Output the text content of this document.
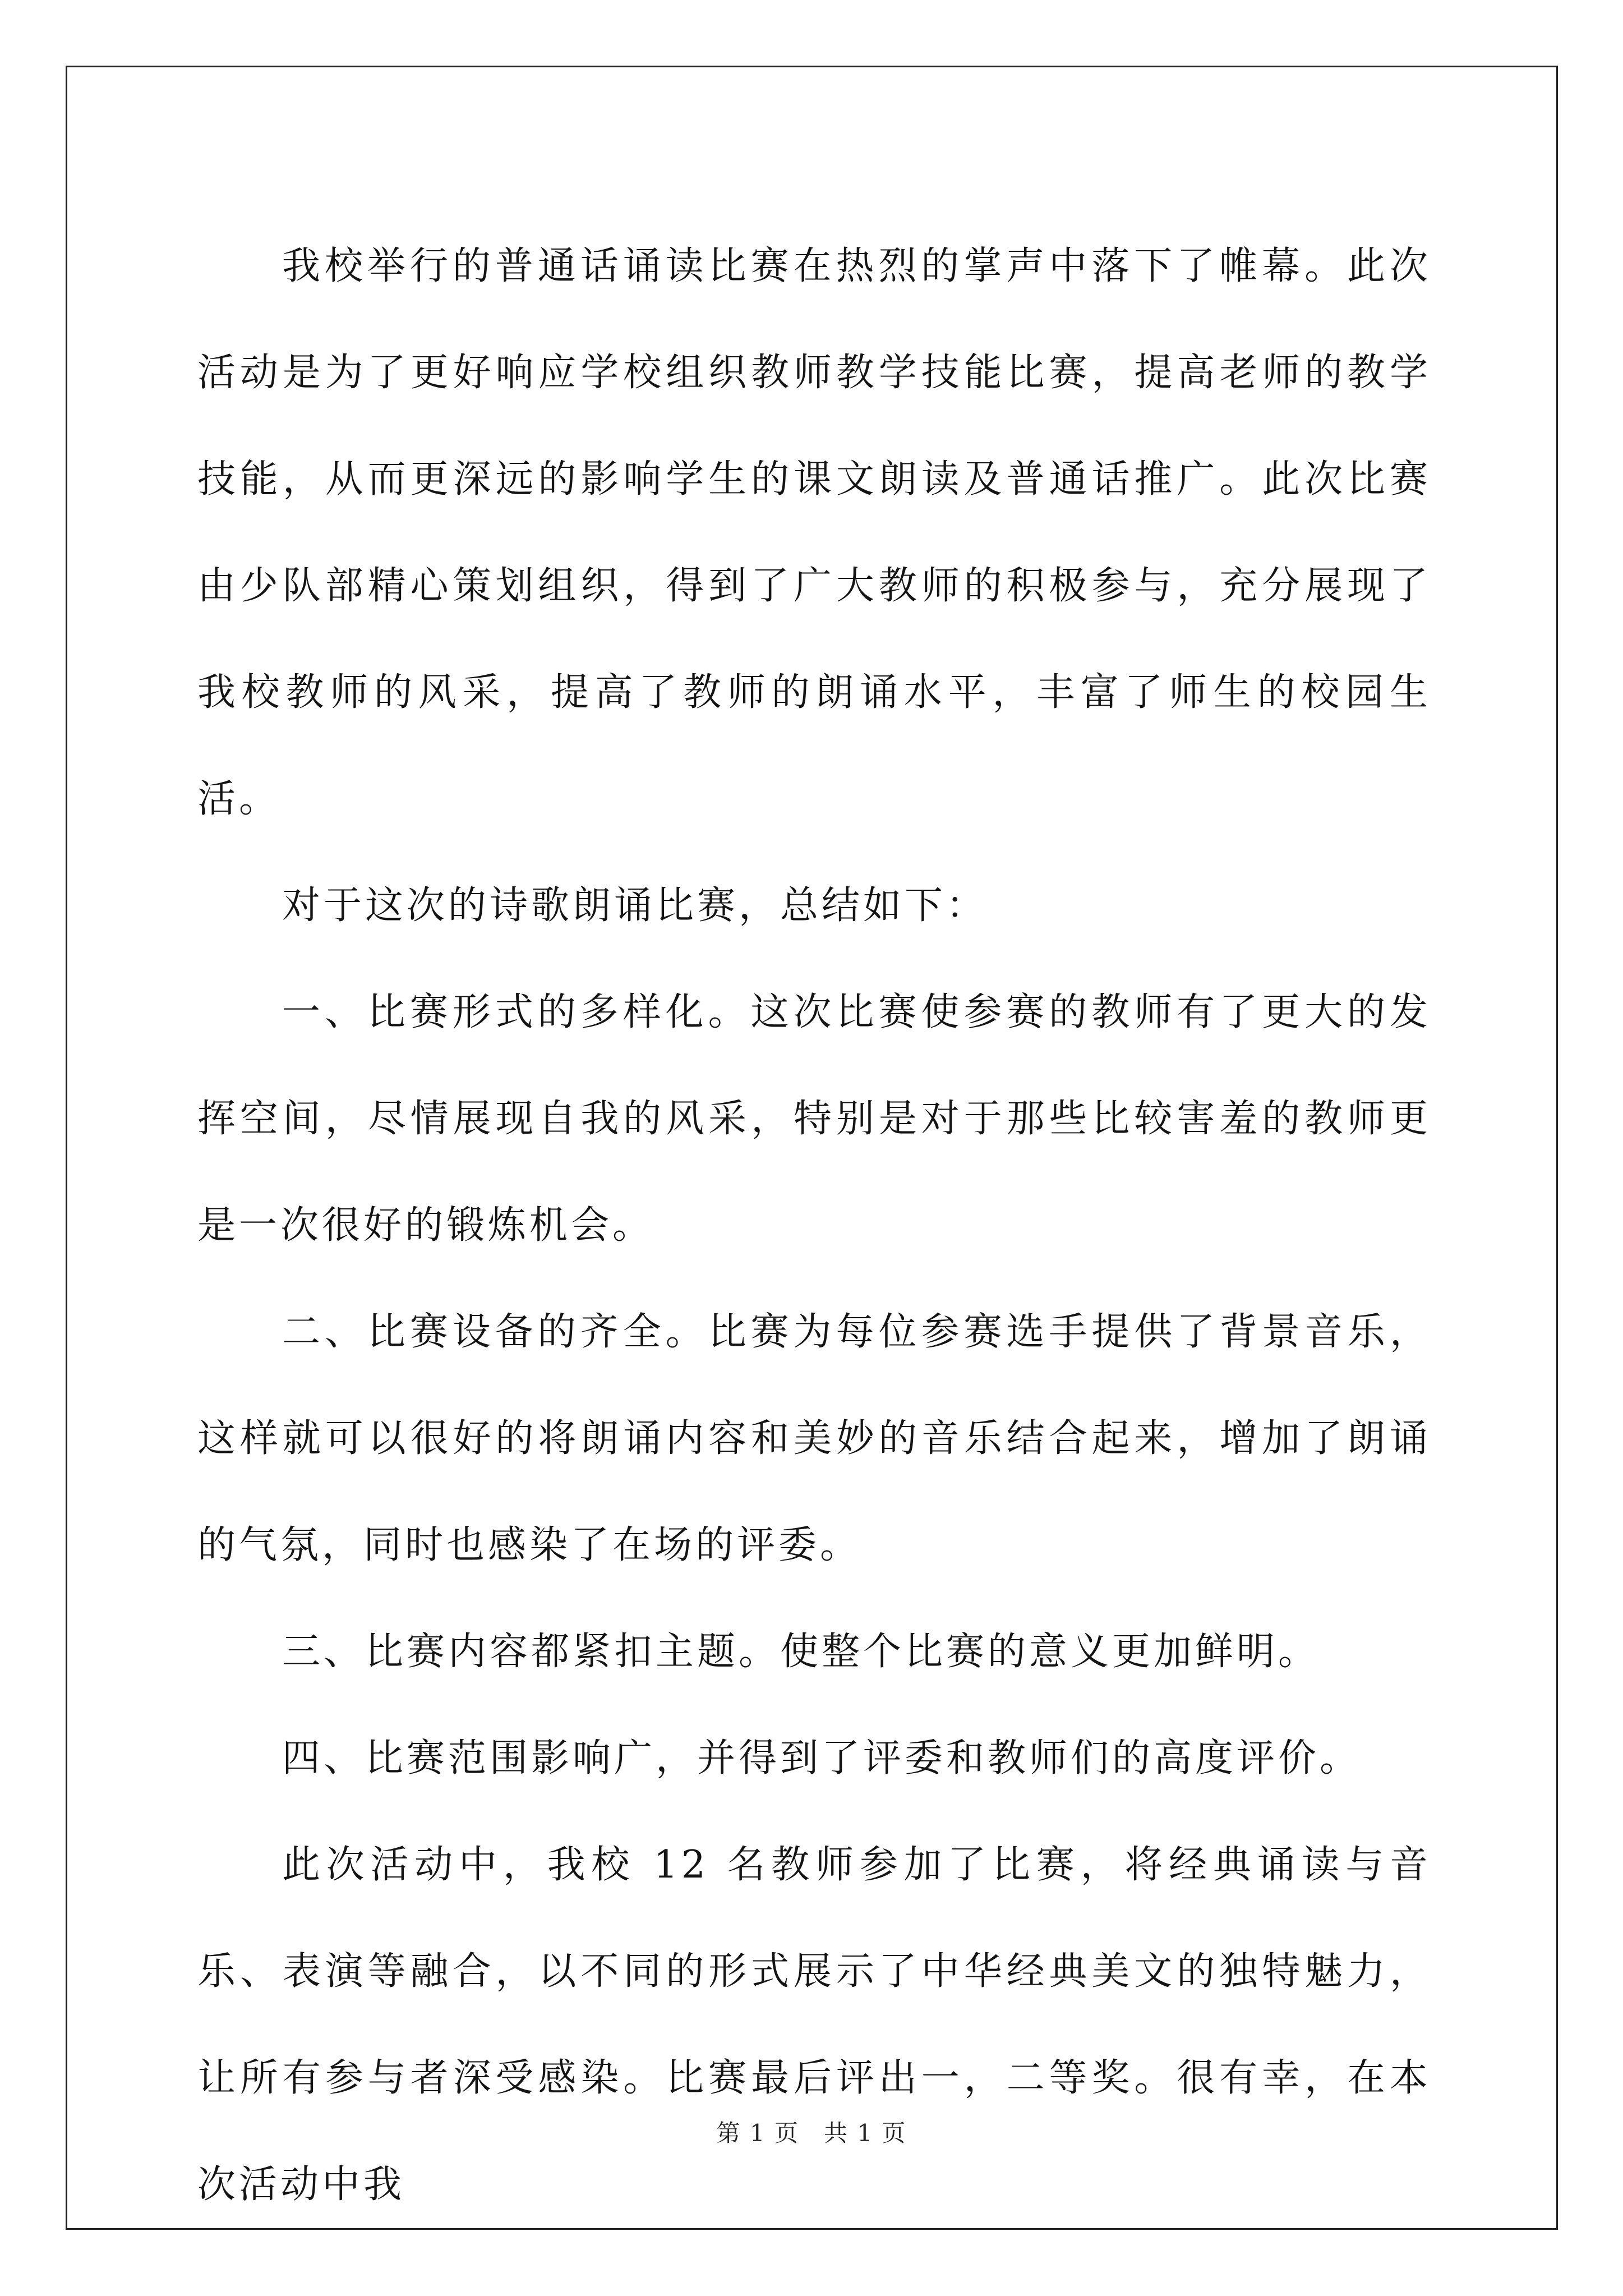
我校举行的普通话诵读比赛在热烈的掌声中落下了帷幕。此次活动是为了更好响应学校组织教师教学技能比赛，提高老师的教学技能，从而更深远的影响学生的课文朗读及普通话推广。此次比赛由少队部精心策划组织，得到了广大教师的积极参与，充分展现了我校教师的风采，提高了教师的朗诵水平，丰富了师生的校园生活。

对于这次的诗歌朗诵比赛，总结如下：

一、比赛形式的多样化。这次比赛使参赛的教师有了更大的发挥空间，尽情展现自我的风采，特别是对于那些比较害羞的教师更是一次很好的锻炼机会。

二、比赛设备的齐全。比赛为每位参赛选手提供了背景音乐，这样就可以很好的将朗诵内容和美妙的音乐结合起来，增加了朗诵的气氛，同时也感染了在场的评委。

三、比赛内容都紧扣主题。使整个比赛的意义更加鲜明。

四、比赛范围影响广，并得到了评委和教师们的高度评价。

此次活动中，我校 12 名教师参加了比赛，将经典诵读与音乐、表演等融合，以不同的形式展示了中华经典美文的独特魅力，让所有参与者深受感染。比赛最后评出一，二等奖。很有幸，在本次活动中我

第 1 页　共 1 页
